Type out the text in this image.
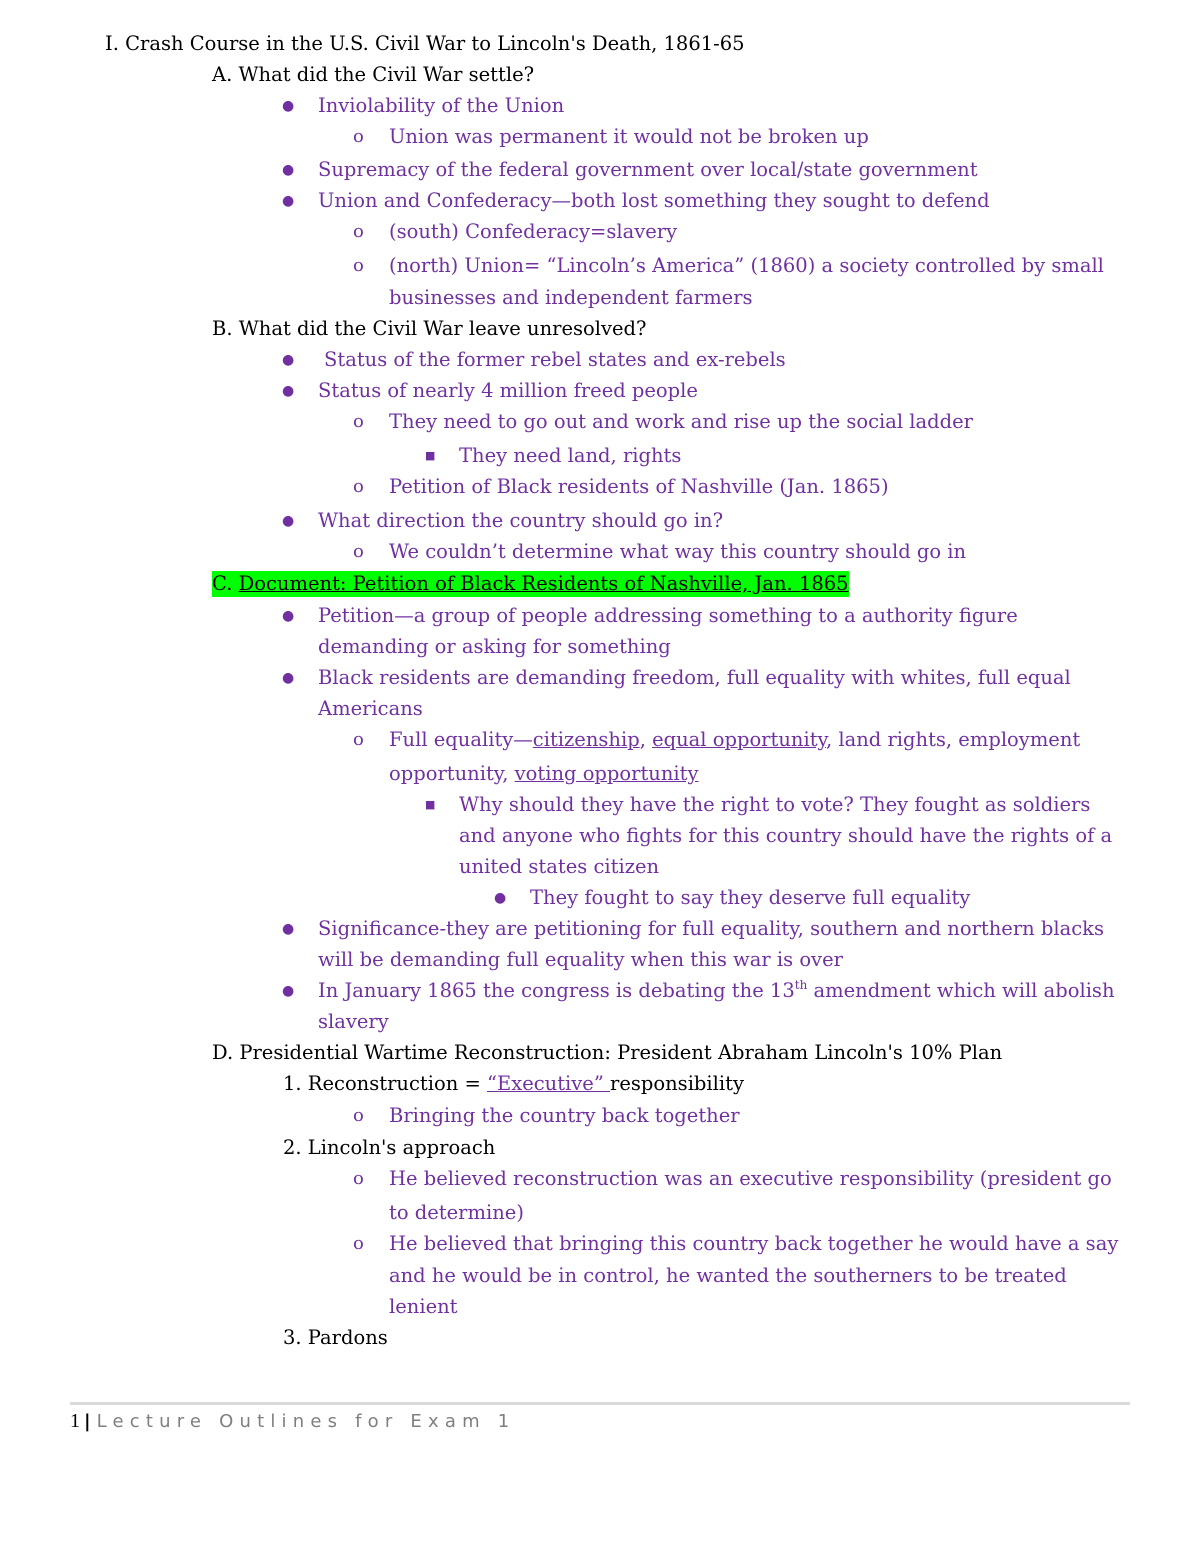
I. Crash Course in the U.S. Civil War to Lincoln's Death, 1861-65
A. What did the Civil War settle?
●	Inviolability of the Union
o	Union was permanent it would not be broken up
●	Supremacy of the federal government over local/state government
●	Union and Confederacy—both lost something they sought to defend
o	(south) Confederacy=slavery
o	(north) Union= “Lincoln’s America” (1860) a society controlled by small
businesses and independent farmers
B. What did the Civil War leave unresolved?
●	Status of the former rebel states and ex-rebels
●	Status of nearly 4 million freed people
o	They need to go out and work and rise up the social ladder
■	They need land, rights
o	Petition of Black residents of Nashville (Jan. 1865)
●	What direction the country should go in?
o	We couldn’t determine what way this country should go in
C. Document: Petition of Black Residents of Nashville, Jan. 1865
●	Petition—a group of people addressing something to a authority figure
demanding or asking for something
●	Black residents are demanding freedom, full equality with whites, full equal
Americans
o	Full equality—citizenship, equal opportunity, land rights, employment
opportunity, voting opportunity
■	Why should they have the right to vote? They fought as soldiers
and anyone who fights for this country should have the rights of a
united states citizen
●	They fought to say they deserve full equality
●	Significance-they are petitioning for full equality, southern and northern blacks
will be demanding full equality when this war is over
●	In January 1865 the congress is debating the 13th amendment which will abolish
slavery
D. Presidential Wartime Reconstruction: President Abraham Lincoln's 10% Plan
1. Reconstruction = “Executive” responsibility
o	Bringing the country back together
2. Lincoln's approach
o	He believed reconstruction was an executive responsibility (president go
to determine)
o	He believed that bringing this country back together he would have a say
and he would be in control, he wanted the southerners to be treated
lenient
3. Pardons
1 | Lecture Outlines for Exam 1
